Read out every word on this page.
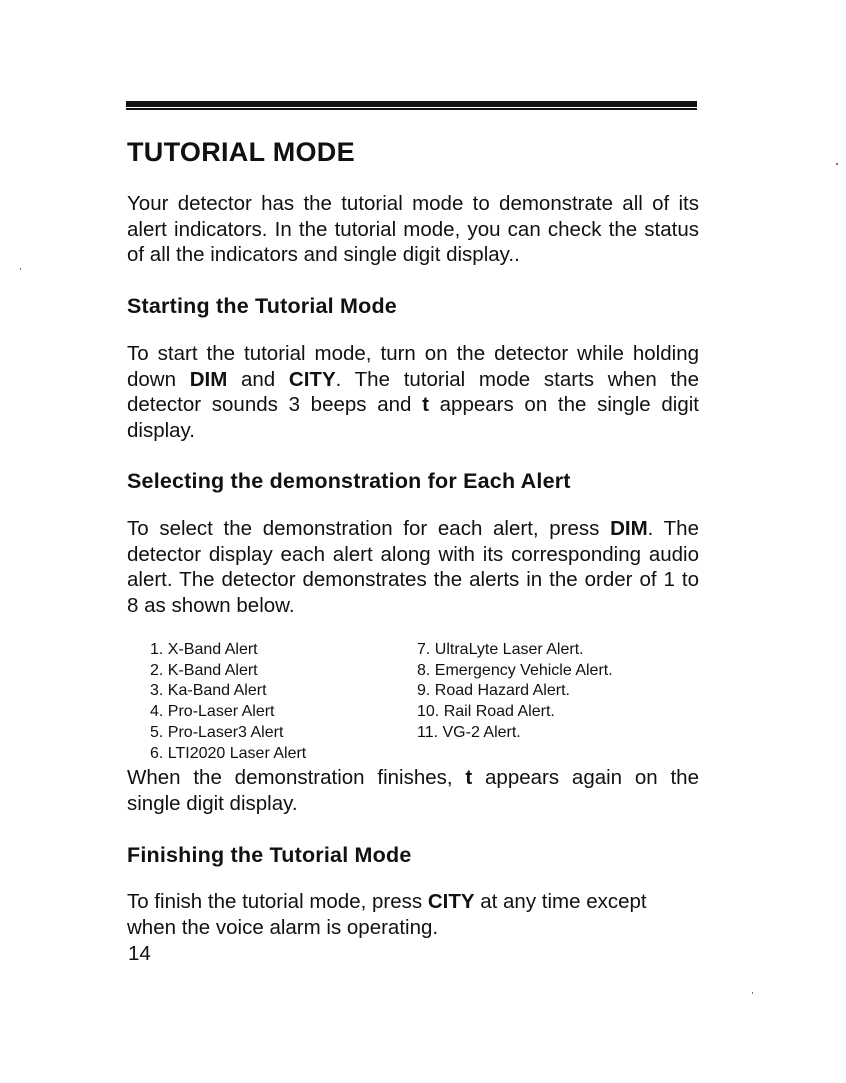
TUTORIAL MODE

Your detector has the tutorial mode to demonstrate all of its alert indicators. In the tutorial mode, you can check the status of all the indicators and single digit display..

Starting the Tutorial Mode

To start the tutorial mode, turn on the detector while holding down DIM and CITY. The tutorial mode starts when the detector sounds 3 beeps and t appears on the single digit display.

Selecting the demonstration for Each Alert

To select the demonstration for each alert, press DIM. The detector display each alert along with its corresponding audio alert. The detector demonstrates the alerts in the order of 1 to 8 as shown below.

1. X-Band Alert
2. K-Band Alert
3. Ka-Band Alert
4. Pro-Laser Alert
5. Pro-Laser3 Alert
6. LTI2020 Laser Alert
7. UltraLyte Laser Alert.
8. Emergency Vehicle Alert.
9. Road Hazard Alert.
10. Rail Road Alert.
11. VG-2 Alert.

When the demonstration finishes, t appears again on the single digit display.

Finishing the Tutorial Mode

To finish the tutorial mode, press CITY at any time except when the voice alarm is operating.

14
